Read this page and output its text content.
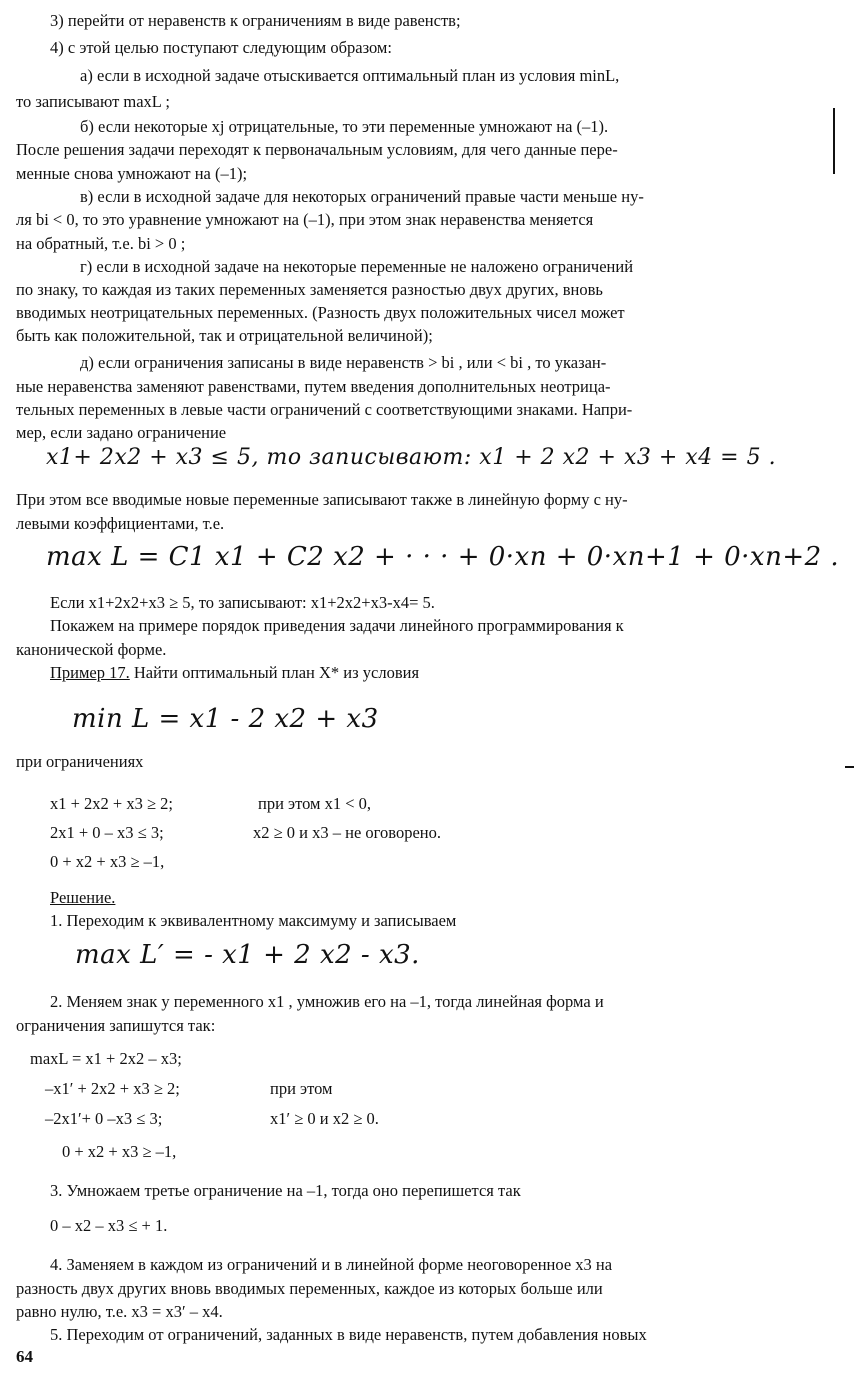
3) перейти от неравенств к ограничениям в виде равенств;
4) с этой целью поступают следующим образом:
а) если в исходной задаче отыскивается оптимальный план из условия minL,
то записывают maxL ;
б) если некоторые xj отрицательные, то эти переменные умножают на (–1).
После решения задачи переходят к первоначальным условиям, для чего данные пере-
менные снова умножают на (–1);
в) если в исходной задаче для некоторых ограничений правые части меньше ну-
ля bi < 0, то это уравнение умножают на (–1), при этом знак неравенства меняется
на обратный, т.е. bi > 0 ;
г) если в исходной задаче на некоторые переменные не наложено ограничений
по знаку, то каждая из таких переменных заменяется разностью двух других, вновь
вводимых неотрицательных переменных. (Разность двух положительных чисел может
быть как положительной, так и отрицательной величиной);
д) если ограничения записаны в виде неравенств > bi , или < bi , то указан-
ные неравенства заменяют равенствами, путем введения дополнительных неотрица-
тельных переменных в левые части ограничений с соответствующими знаками. Напри-
мер, если задано ограничение
x1+ 2x2 + x3 ≤ 5, то записывают: x1 + 2 x2 + x3 + x4 = 5 .
При этом все вводимые новые переменные записывают также в линейную форму с ну-
левыми коэффициентами, т.е.
max L = C1 x1 + C2 x2 + · · · + 0·xn + 0·xn+1 + 0·xn+2 .
Если x1+2x2+x3 ≥ 5, то записывают: x1+2x2+x3-x4= 5.
Покажем на примере порядок приведения задачи линейного программирования к
канонической форме.
Пример 17. Найти оптимальный план X* из условия
min L = x1 - 2 x2 + x3
при ограничениях
x1 + 2x2 + x3 ≥ 2;	при этом x1 < 0,
2x1 + 0 – x3 ≤ 3;	x2 ≥ 0 и x3 – не оговорено.
0 + x2 + x3 ≥ –1,
Решение.
1. Переходим к эквивалентному максимуму и записываем
max L′ = - x1 + 2 x2 - x3.
2. Меняем знак у переменного x1 , умножив его на –1, тогда линейная форма и
ограничения запишутся так:
maxL = x1 + 2x2 – x3;
–x1′ + 2x2 + x3 ≥ 2;	при этом
–2x1′+ 0 –x3 ≤ 3;	x1′ ≥ 0 и x2 ≥ 0.
0 + x2 + x3 ≥ –1,
3. Умножаем третье ограничение на –1, тогда оно перепишется так
0 – x2 – x3 ≤ + 1.
4. Заменяем в каждом из ограничений и в линейной форме неоговоренное x3 на
разность двух других вновь вводимых переменных, каждое из которых больше или
равно нулю, т.е. x3 = x3′ – x4.
5. Переходим от ограничений, заданных в виде неравенств, путем добавления новых
64
